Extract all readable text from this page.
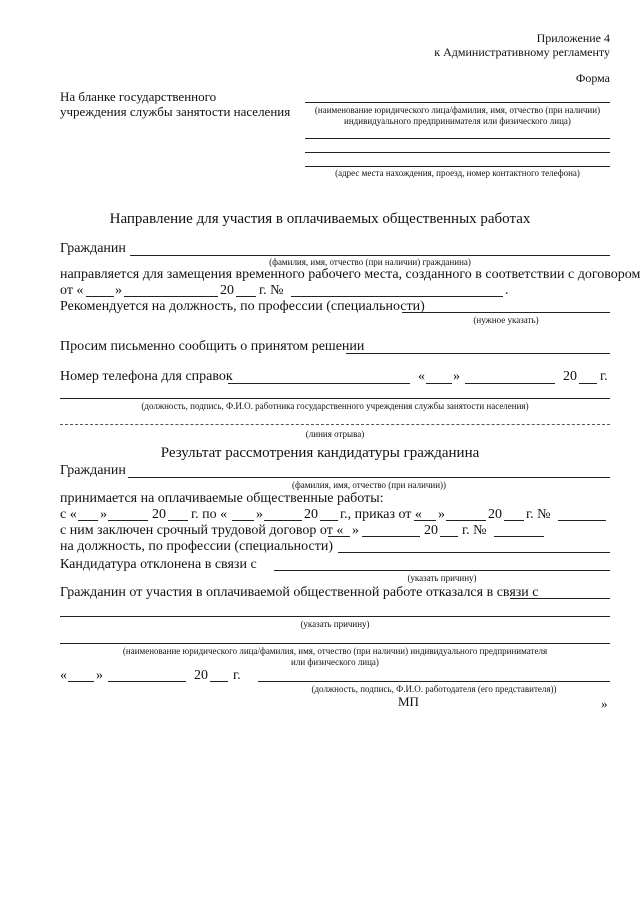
Приложение 4
к Административному регламенту
Форма
На бланке государственного
учреждения службы занятости населения	(наименование юридического лица/фамилия, имя, отчество (при наличии)
индивидуального предпринимателя или физического лица)
(адрес места нахождения, проезд, номер контактного телефона)
Направление для участия в оплачиваемых общественных работах
Гражданин
(фамилия, имя, отчество (при наличии) гражданина)
направляется для замещения временного рабочего места, созданного в соответствии с договором
от « »	20 г. №	.
Рекомендуется на должность, по профессии (специальности)
(нужное указать)
Просим письменно сообщить о принятом решении
Номер телефона для справок	« »	20 г.
(должность, подпись, Ф.И.О. работника государственного учреждения службы занятости населения)
(линия отрыва)
Результат рассмотрения кандидатуры гражданина
Гражданин
(фамилия, имя, отчество (при наличии))
принимается на оплачиваемые общественные работы:
с « »	20 г. по « »	20 г., приказ от « »	20 г. №
с ним заключен срочный трудовой договор от « »	20 г. №
на должность, по профессии (специальности)
Кандидатура отклонена в связи с
(указать причину)
Гражданин от участия в оплачиваемой общественной работе отказался в связи с
(указать причину)
(наименование юридического лица/фамилия, имя, отчество (при наличии) индивидуального предпринимателя
или физического лица)
« »	20 г.
(должность, подпись, Ф.И.О. работодателя (его представителя))
МП	»
